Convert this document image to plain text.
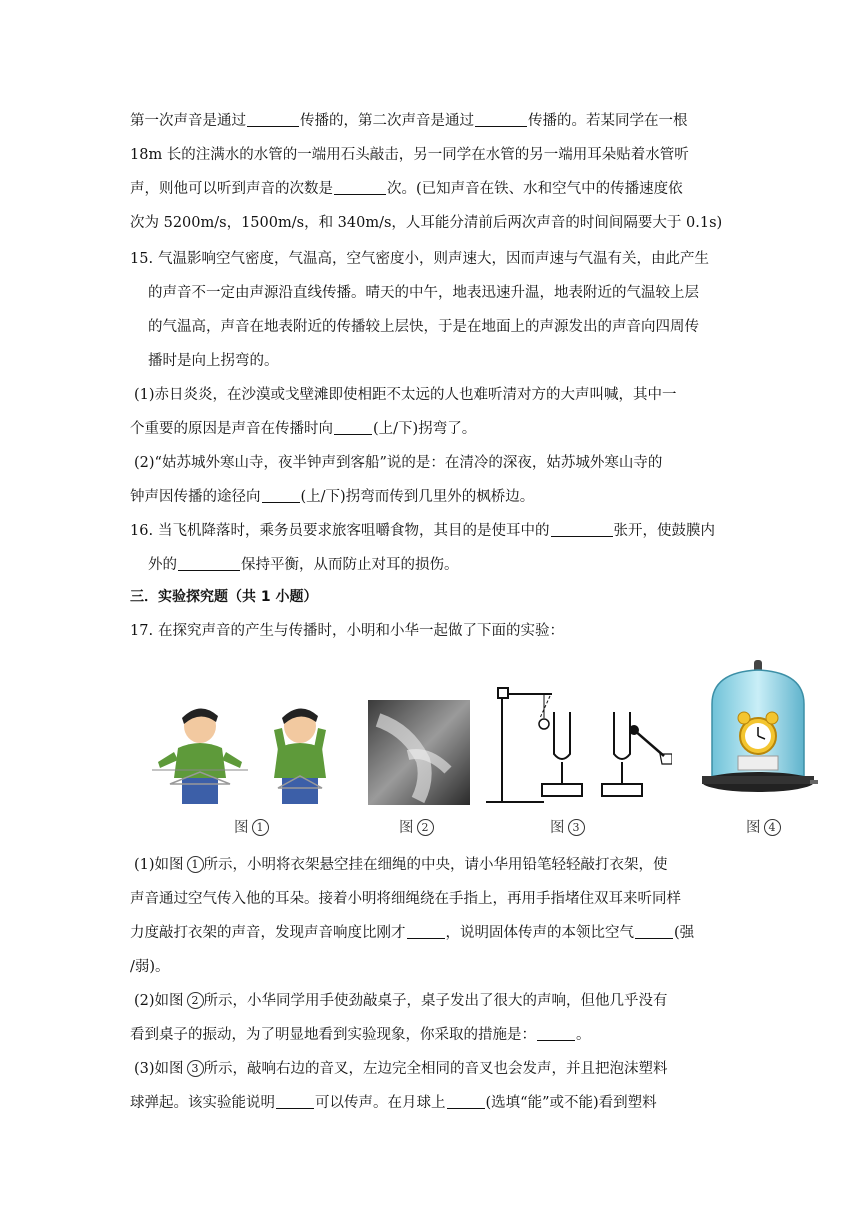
第一次声音是通过	传播的，第二次声音是通过	传播的。若某同学在一根
18m 长的注满水的水管的一端用石头敲击，另一同学在水管的另一端用耳朵贴着水管听
声，则他可以听到声音的次数是	次。(已知声音在铁、水和空气中的传播速度依
次为 5200m/s，1500m/s，和 340m/s，人耳能分清前后两次声音的时间间隔要大于 0.1s)
15. 气温影响空气密度，气温高，空气密度小，则声速大，因而声速与气温有关，由此产生
的声音不一定由声源沿直线传播。晴天的中午，地表迅速升温，地表附近的气温较上层
的气温高，声音在地表附近的传播较上层快，于是在地面上的声源发出的声音向四周传
播时是向上拐弯的。
(1)赤日炎炎，在沙漠或戈壁滩即使相距不太远的人也难听清对方的大声叫喊，其中一
个重要的原因是声音在传播时向	(上/下)拐弯了。
(2)“姑苏城外寒山寺，夜半钟声到客船”说的是：在清冷的深夜，姑苏城外寒山寺的
钟声因传播的途径向	(上/下)拐弯而传到几里外的枫桥边。
16. 当飞机降落时，乘务员要求旅客咀嚼食物，其目的是使耳中的	张开，使鼓膜内
外的	保持平衡，从而防止对耳的损伤。
三．实验探究题（共 1 小题）
17. 在探究声音的产生与传播时，小明和小华一起做了下面的实验：
图 1	图 2	图 3	图 4
(1)如图 1 所示，小明将衣架悬空挂在细绳的中央，请小华用铅笔轻轻敲打衣架，使
声音通过空气传入他的耳朵。接着小明将细绳绕在手指上，再用手指堵住双耳来听同样
力度敲打衣架的声音，发现声音响度比刚才	，说明固体传声的本领比空气	(强
/弱)。
(2)如图 2 所示，小华同学用手使劲敲桌子，桌子发出了很大的声响，但他几乎没有
看到桌子的振动，为了明显地看到实验现象，你采取的措施是：	。
(3)如图 3 所示，敲响右边的音叉，左边完全相同的音叉也会发声，并且把泡沫塑料
球弹起。该实验能说明	可以传声。在月球上	(选填“能”或不能)看到塑料
